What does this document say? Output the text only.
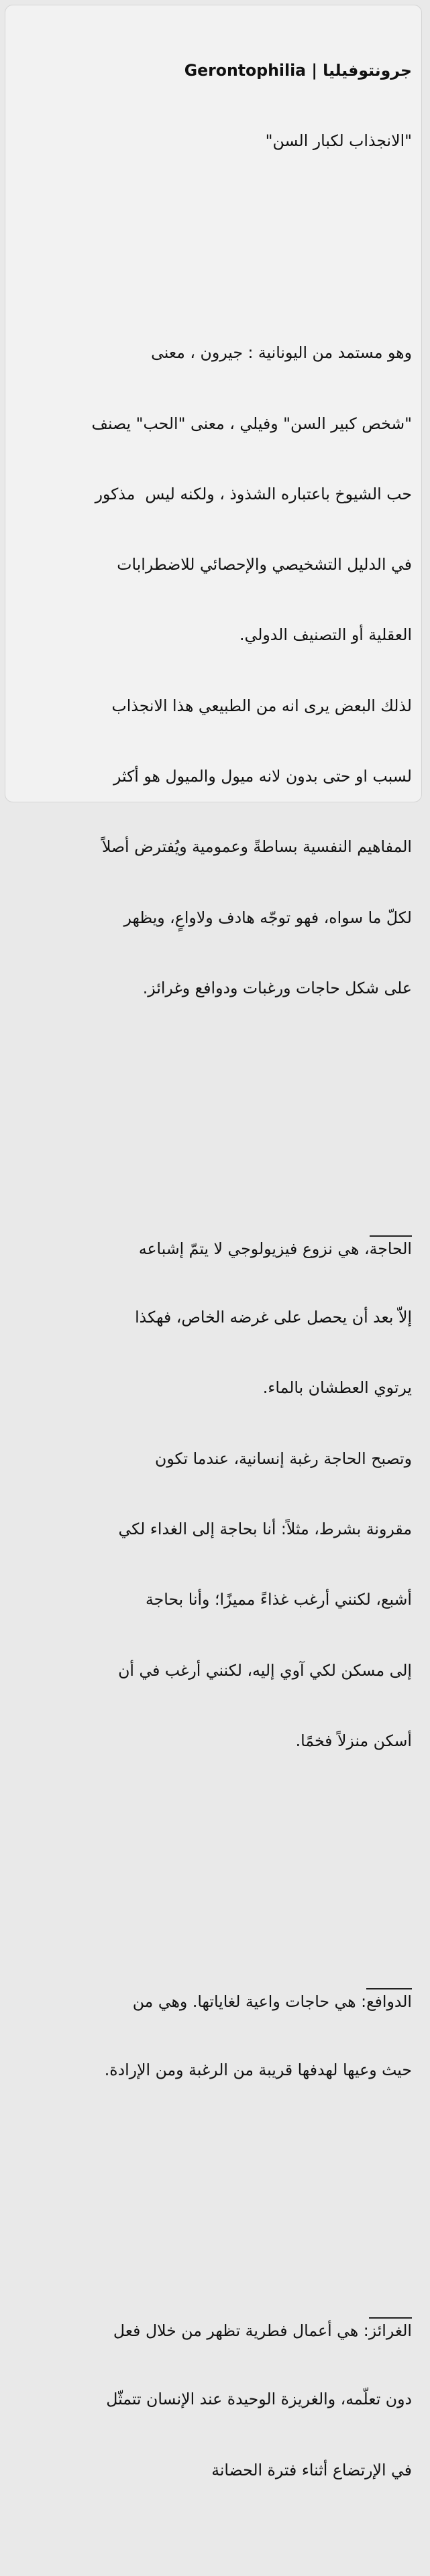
جرونتوفيليا | Gerontophilia

"الانجذاب لكبار السن"

وهو مستمد من اليونانية : جيرون ، معنى

"شخص كبير السن" وفيلي ، معنى "الحب" يصنف

حب الشيوخ باعتباره الشذوذ ، ولكنه ليس  مذكور

في الدليل التشخيصي والإحصائي للاضطرابات

العقلية أو التصنيف الدولي.

لذلك البعض يرى انه من الطبيعي هذا الانجذاب

لسبب او حتى بدون لانه ميول والميول هو أكثر

المفاهيم النفسية بساطةً وعمومية ويُفترض أصلاً

لكلّ ما سواه، فهو توجّه هادف ولاواعٍ، ويظهر

على شكل حاجات ورغبات ودوافع وغرائز.

الحاجة، هي نزوع فيزيولوجي لا يتمّ إشباعه

إلاّ بعد أن يحصل على غرضه الخاص، فهكذا

يرتوي العطشان بالماء.

وتصبح الحاجة رغبة إنسانية، عندما تكون

مقرونة بشرط، مثلاً: أنا بحاجة إلى الغداء لكي

أشبع، لكنني أرغب غذاءً مميزًا؛ وأنا بحاجة

إلى مسكن لكي آوي إليه، لكنني أرغب في أن

أسكن منزلاً فخمًا.

الدوافع: هي حاجات واعية لغاياتها. وهي من

حيث وعيها لهدفها قريبة من الرغبة ومن الإرادة.

الغرائز: هي أعمال فطرية تظهر من خلال فعل

دون تعلّمه، والغريزة الوحيدة عند الإنسان تتمثّل

في الإرتضاع أثناء فترة الحضانة
